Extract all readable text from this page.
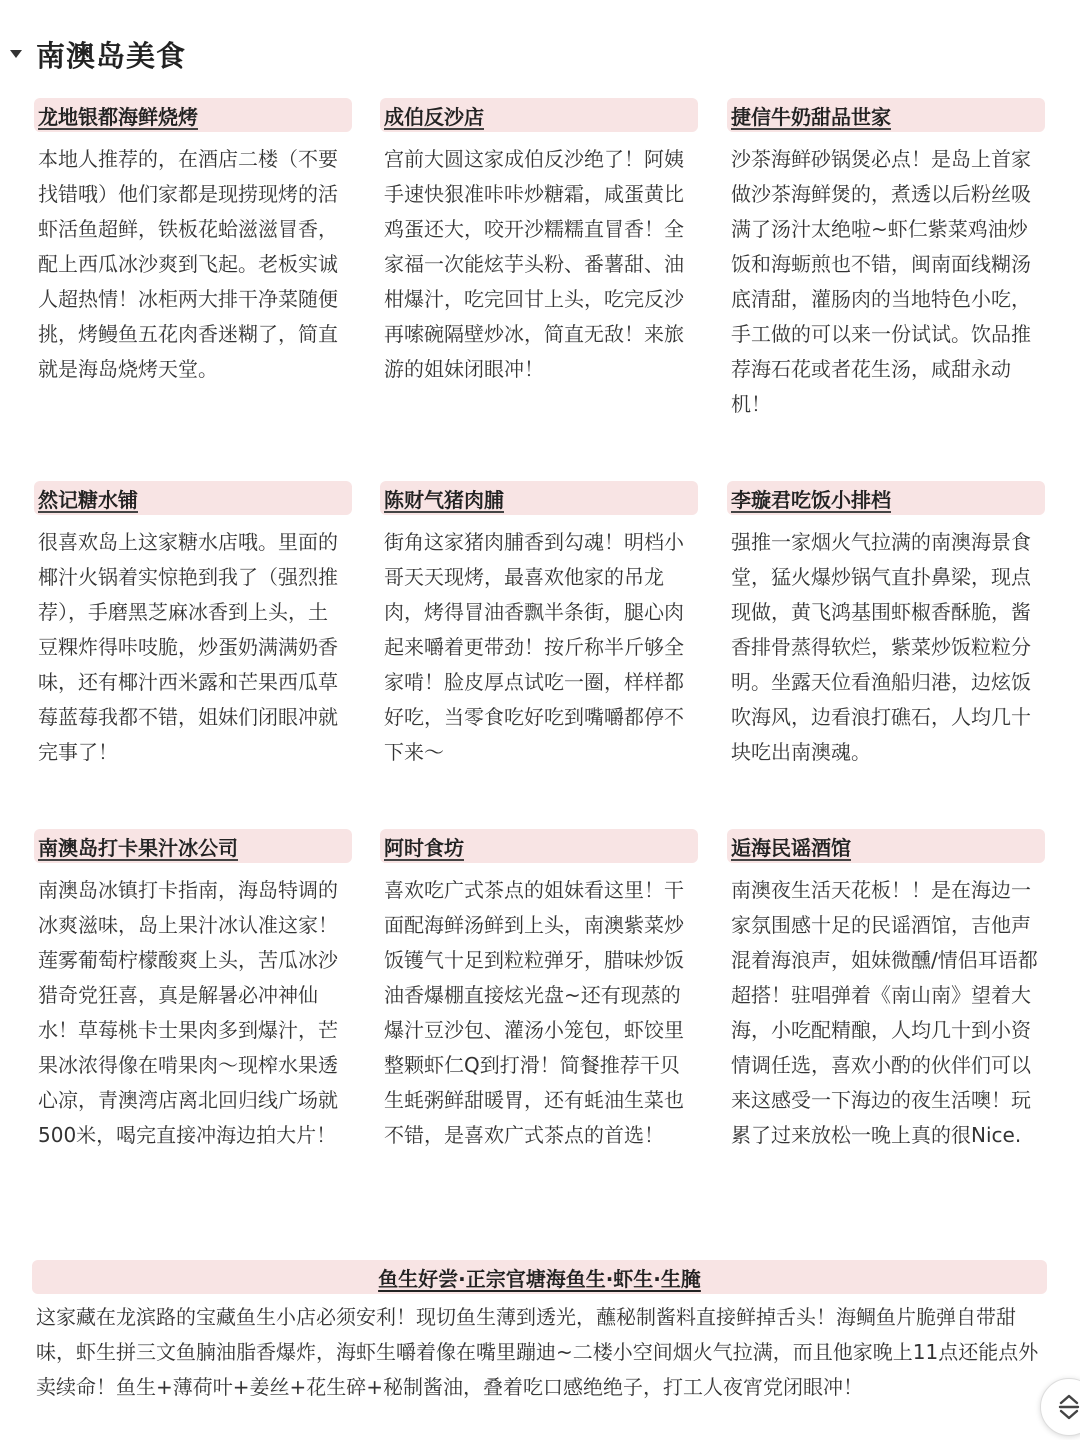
南澳岛美食
龙地银都海鲜烧烤
本地人推荐的，在酒店二楼（不要找错哦）他们家都是现捞现烤的活虾活鱼超鲜，铁板花蛤滋滋冒香，配上西瓜冰沙爽到飞起。老板实诚人超热情！冰柜两大排干净菜随便挑，烤鳗鱼五花肉香迷糊了，简直就是海岛烧烤天堂。
成伯反沙店
宫前大圆这家成伯反沙绝了！阿姨手速快狠准咔咔炒糖霜，咸蛋黄比鸡蛋还大，咬开沙糯糯直冒香！全家福一次能炫芋头粉、番薯甜、油柑爆汁，吃完回甘上头，吃完反沙再嗦碗隔壁炒冰，简直无敌！来旅游的姐妹闭眼冲！
捷信牛奶甜品世家
沙茶海鲜砂锅煲必点！是岛上首家做沙茶海鲜煲的，煮透以后粉丝吸满了汤汁太绝啦~虾仁紫菜鸡油炒饭和海蛎煎也不错，闽南面线糊汤底清甜，灌肠肉的当地特色小吃，手工做的可以来一份试试。饮品推荐海石花或者花生汤，咸甜永动机！
然记糖水铺
很喜欢岛上这家糖水店哦。里面的椰汁火锅着实惊艳到我了（强烈推荐），手磨黑芝麻冰香到上头，土豆粿炸得咔吱脆，炒蛋奶满满奶香味，还有椰汁西米露和芒果西瓜草莓蓝莓我都不错，姐妹们闭眼冲就完事了！
陈财气猪肉脯
街角这家猪肉脯香到勾魂！明档小哥天天现烤，最喜欢他家的吊龙肉，烤得冒油香飘半条街，腿心肉起来嚼着更带劲！按斤称半斤够全家啃！脸皮厚点试吃一圈，样样都好吃，当零食吃好吃到嘴嚼都停不下来～
李璇君吃饭小排档
强推一家烟火气拉满的南澳海景食堂，猛火爆炒锅气直扑鼻梁，现点现做，黄飞鸿基围虾椒香酥脆，酱香排骨蒸得软烂，紫菜炒饭粒粒分明。坐露天位看渔船归港，边炫饭吹海风，边看浪打礁石，人均几十块吃出南澳魂。
南澳岛打卡果汁冰公司
南澳岛冰镇打卡指南，海岛特调的冰爽滋味，岛上果汁冰认准这家！莲雾葡萄柠檬酸爽上头，苦瓜冰沙猎奇党狂喜，真是解暑必冲神仙水！草莓桃卡士果肉多到爆汁，芒果冰浓得像在啃果肉～现榨水果透心凉，青澳湾店离北回归线广场就500米，喝完直接冲海边拍大片！
阿时食坊
喜欢吃广式茶点的姐妹看这里！干面配海鲜汤鲜到上头，南澳紫菜炒饭镬气十足到粒粒弹牙，腊味炒饭油香爆棚直接炫光盘~还有现蒸的爆汁豆沙包、灌汤小笼包，虾饺里整颗虾仁Q到打滑！简餐推荐干贝生蚝粥鲜甜暖胃，还有蚝油生菜也不错，是喜欢广式茶点的首选！
逅海民谣酒馆
南澳夜生活天花板！！是在海边一家氛围感十足的民谣酒馆，吉他声混着海浪声，姐妹微醺/情侣耳语都超搭！驻唱弹着《南山南》望着大海，小吃配精酿，人均几十到小资情调任选，喜欢小酌的伙伴们可以来这感受一下海边的夜生活噢！玩累了过来放松一晚上真的很Nice.
鱼生好尝·正宗官塘海鱼生·虾生·生腌
这家藏在龙滨路的宝藏鱼生小店必须安利！现切鱼生薄到透光，蘸秘制酱料直接鲜掉舌头！海鲷鱼片脆弹自带甜味，虾生拼三文鱼腩油脂香爆炸，海虾生嚼着像在嘴里蹦迪~二楼小空间烟火气拉满，而且他家晚上11点还能点外卖续命！鱼生+薄荷叶+姜丝+花生碎+秘制酱油，叠着吃口感绝绝子，打工人夜宵党闭眼冲！
